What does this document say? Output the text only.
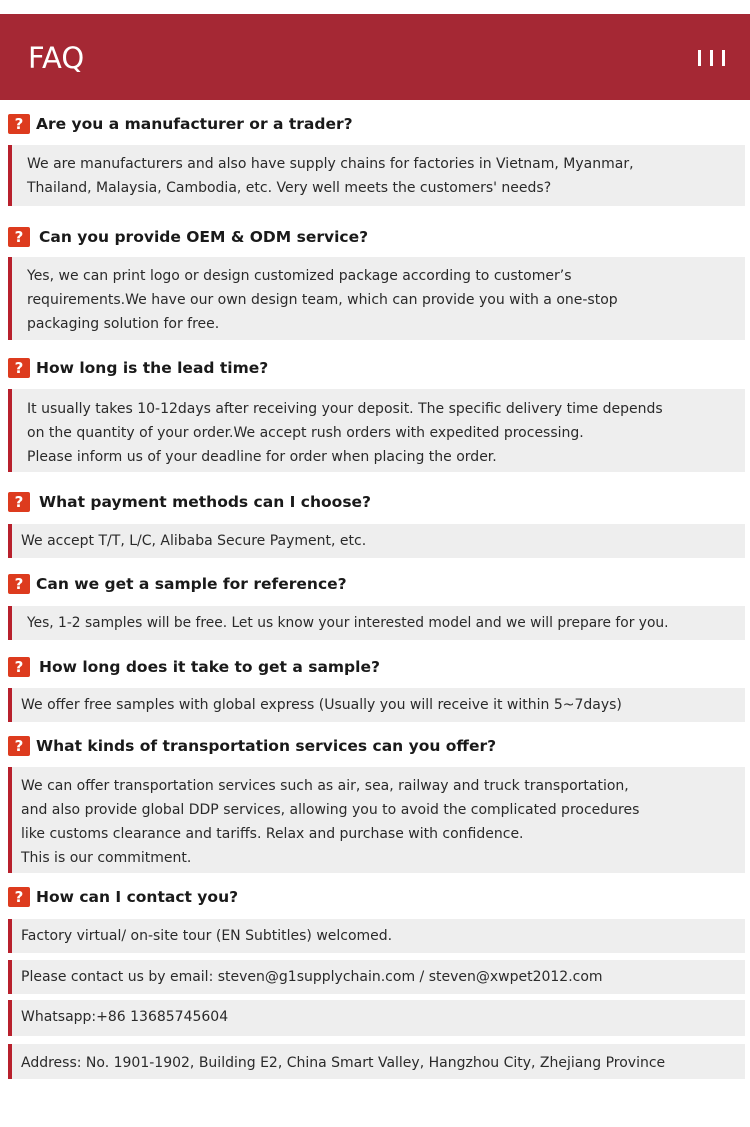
FAQ
? Are you a manufacturer or a trader?

We are manufacturers and also have supply chains for factories in Vietnam, Myanmar,

Thailand, Malaysia, Cambodia, etc. Very well meets the customers' needs?

?	Can you provide OEM & ODM service?

Yes, we can print logo or design customized package according to customer’s

requirements.We have our own design team, which can provide you with a one-stop

packaging solution for free.

? How long is the lead time?

It usually takes 10-12days after receiving your deposit. The specific delivery time depends

on the quantity of your order.We accept rush orders with expedited processing.

Please inform us of your deadline for order when placing the order.

?	What payment methods can I choose?

We accept T/T, L/C, Alibaba Secure Payment, etc.

? Can we get a sample for reference?

Yes, 1-2 samples will be free. Let us know your interested model and we will prepare for you.

?	How long does it take to get a sample?

We offer free samples with global express (Usually you will receive it within 5~7days)

? What kinds of transportation services can you offer?

We can offer transportation services such as air, sea, railway and truck transportation,

and also provide global DDP services, allowing you to avoid the complicated procedures

like customs clearance and tariffs. Relax and purchase with confidence.

This is our commitment.

? How can I contact you?

Factory virtual/ on-site tour (EN Subtitles) welcomed.

Please contact us by email: steven@g1supplychain.com / steven@xwpet2012.com

Whatsapp:+86 13685745604

Address: No. 1901-1902, Building E2, China Smart Valley, Hangzhou City, Zhejiang Province
